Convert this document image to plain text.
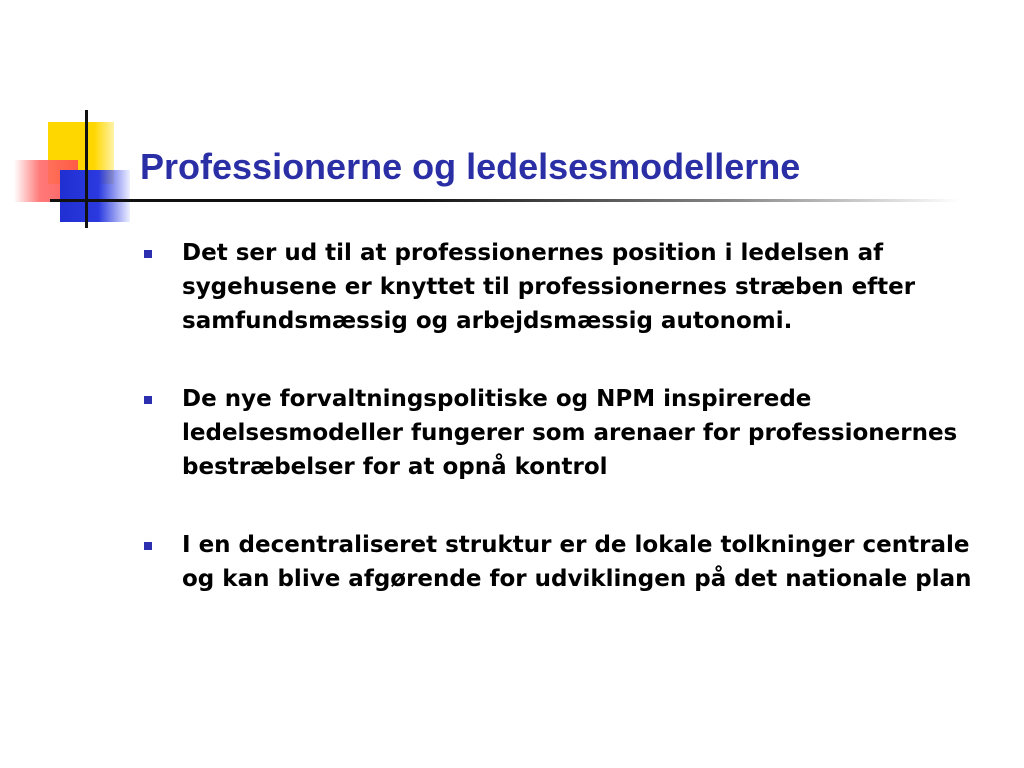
Professionerne og ledelsesmodellerne
Det ser ud til at professionernes position i ledelsen af sygehusene er knyttet til professionernes stræben efter samfundsmæssig og arbejdsmæssig autonomi.
De nye forvaltningspolitiske og NPM inspirerede ledelsesmodeller fungerer som arenaer for professionernes bestræbelser for at opnå kontrol
I en decentraliseret struktur er de lokale tolkninger centrale og kan blive afgørende for udviklingen på det nationale plan
